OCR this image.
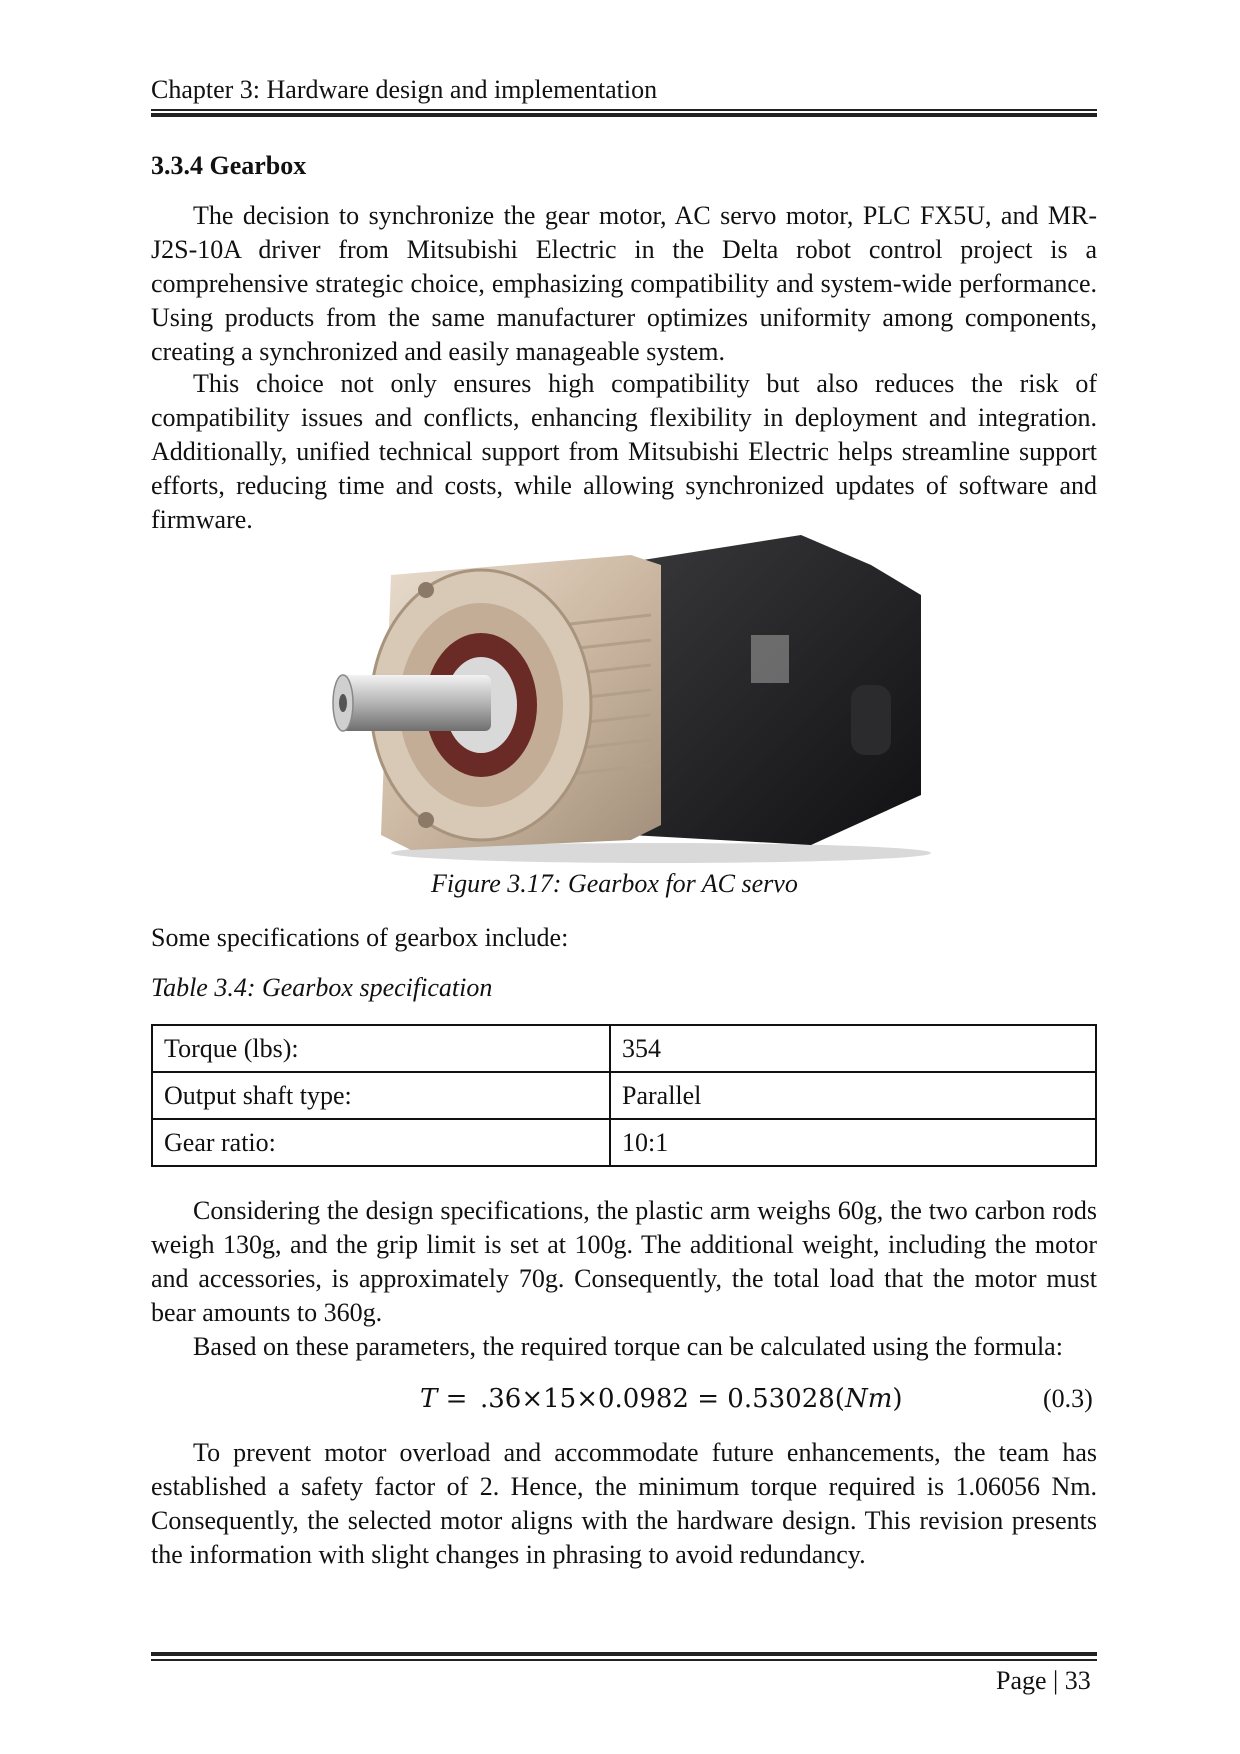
Chapter 3: Hardware design and implementation
3.3.4 Gearbox

The decision to synchronize the gear motor, AC servo motor, PLC FX5U, and MR-J2S-10A driver from Mitsubishi Electric in the Delta robot control project is a comprehensive strategic choice, emphasizing compatibility and system-wide performance. Using products from the same manufacturer optimizes uniformity among components, creating a synchronized and easily manageable system.

This choice not only ensures high compatibility but also reduces the risk of compatibility issues and conflicts, enhancing flexibility in deployment and integration. Additionally, unified technical support from Mitsubishi Electric helps streamline support efforts, reducing time and costs, while allowing synchronized updates of software and firmware.

Figure 3.17: Gearbox for AC servo

Some specifications of gearbox include:

Table 3.4: Gearbox specification
Torque (lbs):	354
Output shaft type:	Parallel
Gear ratio:	10:1

Considering the design specifications, the plastic arm weighs 60g, the two carbon rods weigh 130g, and the grip limit is set at 100g. The additional weight, including the motor and accessories, is approximately 70g. Consequently, the total load that the motor must bear amounts to 360g.

Based on these parameters, the required torque can be calculated using the formula:

T =  .36×15×0.0982 = 0.53028(Nm)	(0.3)

To prevent motor overload and accommodate future enhancements, the team has established a safety factor of 2. Hence, the minimum torque required is 1.06056 Nm. Consequently, the selected motor aligns with the hardware design. This revision presents the information with slight changes in phrasing to avoid redundancy.

Page | 33
